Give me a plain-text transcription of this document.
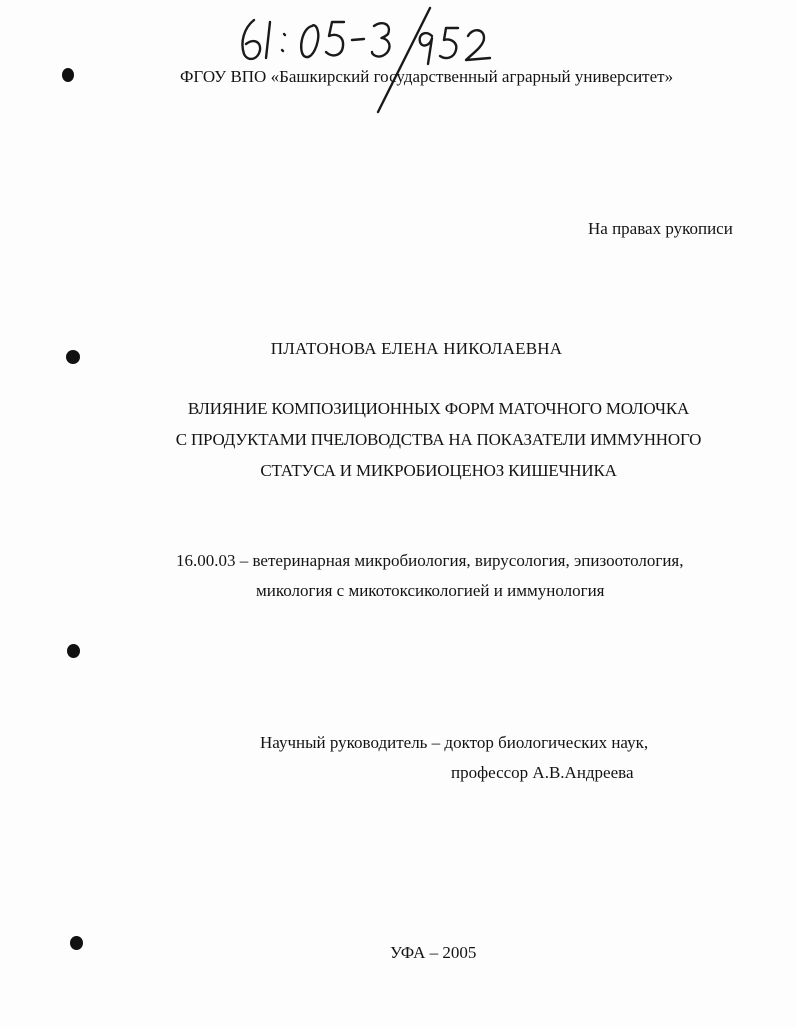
ФГОУ ВПО «Башкирский государственный аграрный университет»
На правах рукописи
ПЛАТОНОВА ЕЛЕНА НИКОЛАЕВНА
ВЛИЯНИЕ КОМПОЗИЦИОННЫХ ФОРМ МАТОЧНОГО МОЛОЧКА
С ПРОДУКТАМИ ПЧЕЛОВОДСТВА НА ПОКАЗАТЕЛИ ИММУННОГО
СТАТУСА И МИКРОБИОЦЕНОЗ КИШЕЧНИКА
16.00.03 – ветеринарная микробиология, вирусология, эпизоотология,
микология с микотоксикологией и иммунология
Научный руководитель – доктор биологических наук,
профессор А.В.Андреева
УФА – 2005
